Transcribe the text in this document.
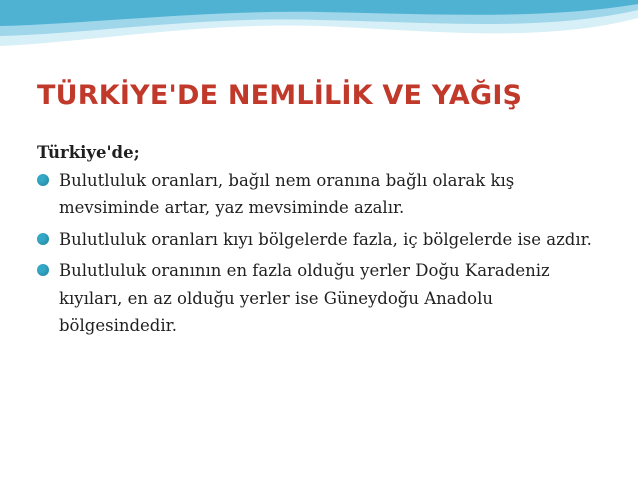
TÜRKİYE'DE NEMLİLİK VE YAĞIŞ

Türkiye'de;

Bulutluluk oranları, bağıl nem oranına bağlı olarak kış mevsiminde artar, yaz mevsiminde azalır.
Bulutluluk oranları kıyı bölgelerde fazla, iç bölgelerde ise azdır.
Bulutluluk oranının en fazla olduğu yerler Doğu Karadeniz kıyıları, en az olduğu yerler ise Güneydoğu Anadolu bölgesindedir.
